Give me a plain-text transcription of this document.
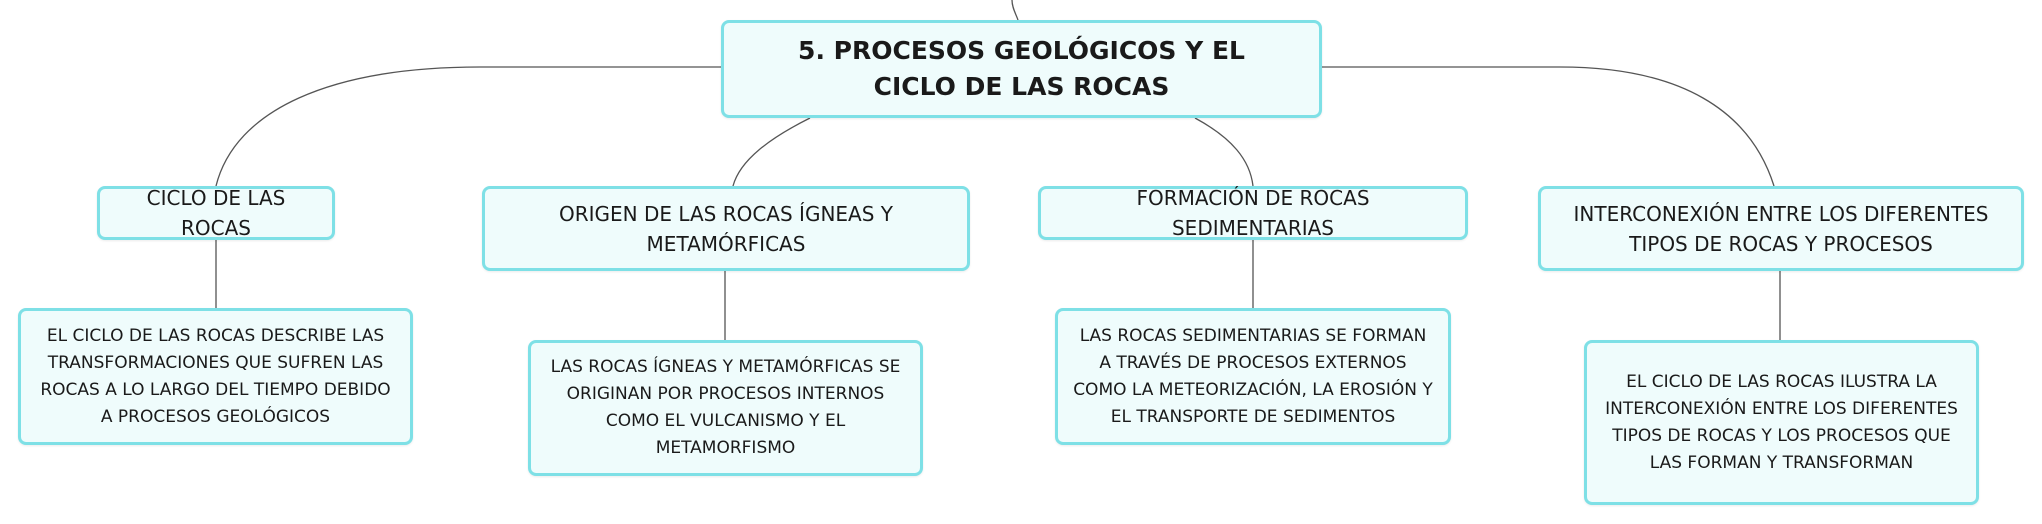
5. PROCESOS GEOLÓGICOS Y EL CICLO DE LAS ROCAS
CICLO DE LAS ROCAS
ORIGEN DE LAS ROCAS ÍGNEAS Y METAMÓRFICAS
FORMACIÓN DE ROCAS SEDIMENTARIAS
INTERCONEXIÓN ENTRE LOS DIFERENTES TIPOS DE ROCAS Y PROCESOS
EL CICLO DE LAS ROCAS DESCRIBE LAS TRANSFORMACIONES QUE SUFREN LAS ROCAS A LO LARGO DEL TIEMPO DEBIDO A PROCESOS GEOLÓGICOS
LAS ROCAS ÍGNEAS Y METAMÓRFICAS SE ORIGINAN POR PROCESOS INTERNOS COMO EL VULCANISMO Y EL METAMORFISMO
LAS ROCAS SEDIMENTARIAS SE FORMAN A TRAVÉS DE PROCESOS EXTERNOS COMO LA METEORIZACIÓN, LA EROSIÓN Y EL TRANSPORTE DE SEDIMENTOS
EL CICLO DE LAS ROCAS ILUSTRA LA INTERCONEXIÓN ENTRE LOS DIFERENTES TIPOS DE ROCAS Y LOS PROCESOS QUE LAS FORMAN Y TRANSFORMAN
